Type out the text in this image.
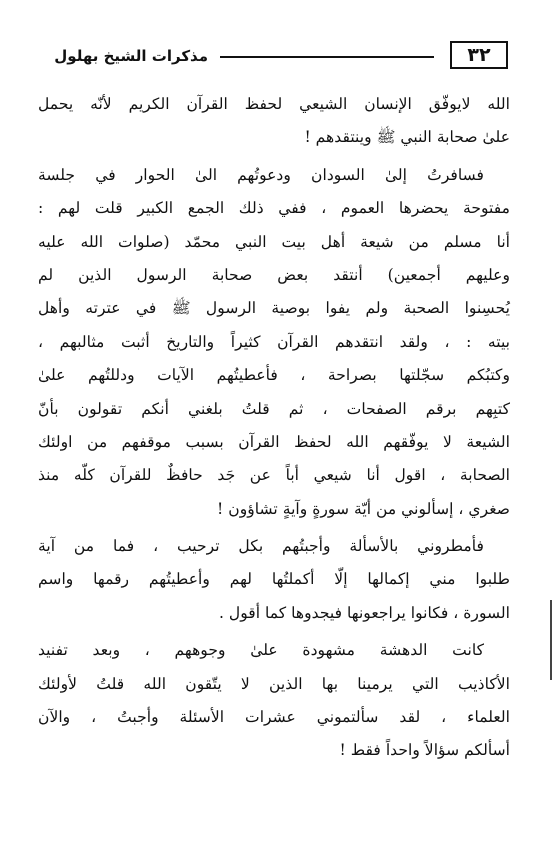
٣٢
مذكرات الشيخ بهلول
الله لايوفّق الإنسان الشيعي لحفظ القرآن الكريم لأنّه يحمل
علىٰ صحابة النبي ﷺ وينتقدهم !
فسافرتُ إلىٰ السودان ودعوتُهم الىٰ الحوار في جلسة
مفتوحة يحضرها العموم ، ففي ذلك الجمع الكبير قلت لهم :
أنا مسلم من شيعة أهل بيت النبي محمّد (صلوات الله عليه
وعليهم أجمعين) أنتقد بعض صحابة الرسول الذين لم
يُحسِنوا الصحبة ولم يفوا بوصية الرسول ﷺ في عترته وأهل
بيته : ، ولقد انتقدهم القرآن كثيراً والتاريخ أثبت مثالبهم ،
وكتبُكم سجّلتها بصراحة ، فأعطيتُهم الآيات ودللتُهم علىٰ
كتبِهم برقم الصفحات ، ثم قلتُ بلغني أنكم تقولون بأنّ
الشيعة لا يوفّقهم الله لحفظ القرآن بسبب موقفهم من اولئك
الصحابة ، اقول أنا شيعي أباً عن جَد حافظٌ للقرآن كلّه منذ
صغري ، إسألوني من أيّة سورةٍ وآيةٍ تشاؤون !
فأمطروني بالأسألة وأجبتُهم بكل ترحيب ، فما من آية
طلبوا مني إكمالها إلّا أكملتُها لهم وأعطيتُهم رقمها واسم
السورة ، فكانوا يراجعونها فيجدوها كما أقول .
كانت الدهشة مشهودة علىٰ وجوههم ، وبعد تفنيد
الأكاذيب التي يرمينا بها الذين لا يتّقون الله قلتُ لأولئك
العلماء ، لقد سألتموني عشرات الأسئلة وأجبتُ ، والآن
أسألكم سؤالاً واحداً فقط !
